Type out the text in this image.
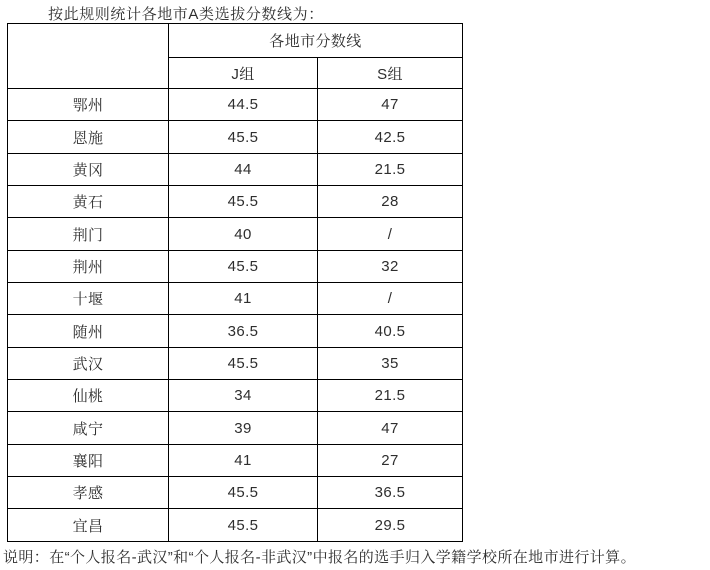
按此规则统计各地市A类选拔分数线为：
	各地市分数线	
	J组	S组
鄂州	44.5	47
恩施	45.5	42.5
黄冈	44	21.5
黄石	45.5	28
荆门	40	/
荆州	45.5	32
十堰	41	/
随州	36.5	40.5
武汉	45.5	35
仙桃	34	21.5
咸宁	39	47
襄阳	41	27
孝感	45.5	36.5
宜昌	45.5	29.5
说明：在“个人报名-武汉”和“个人报名-非武汉”中报名的选手归入学籍学校所在地市进行计算。
